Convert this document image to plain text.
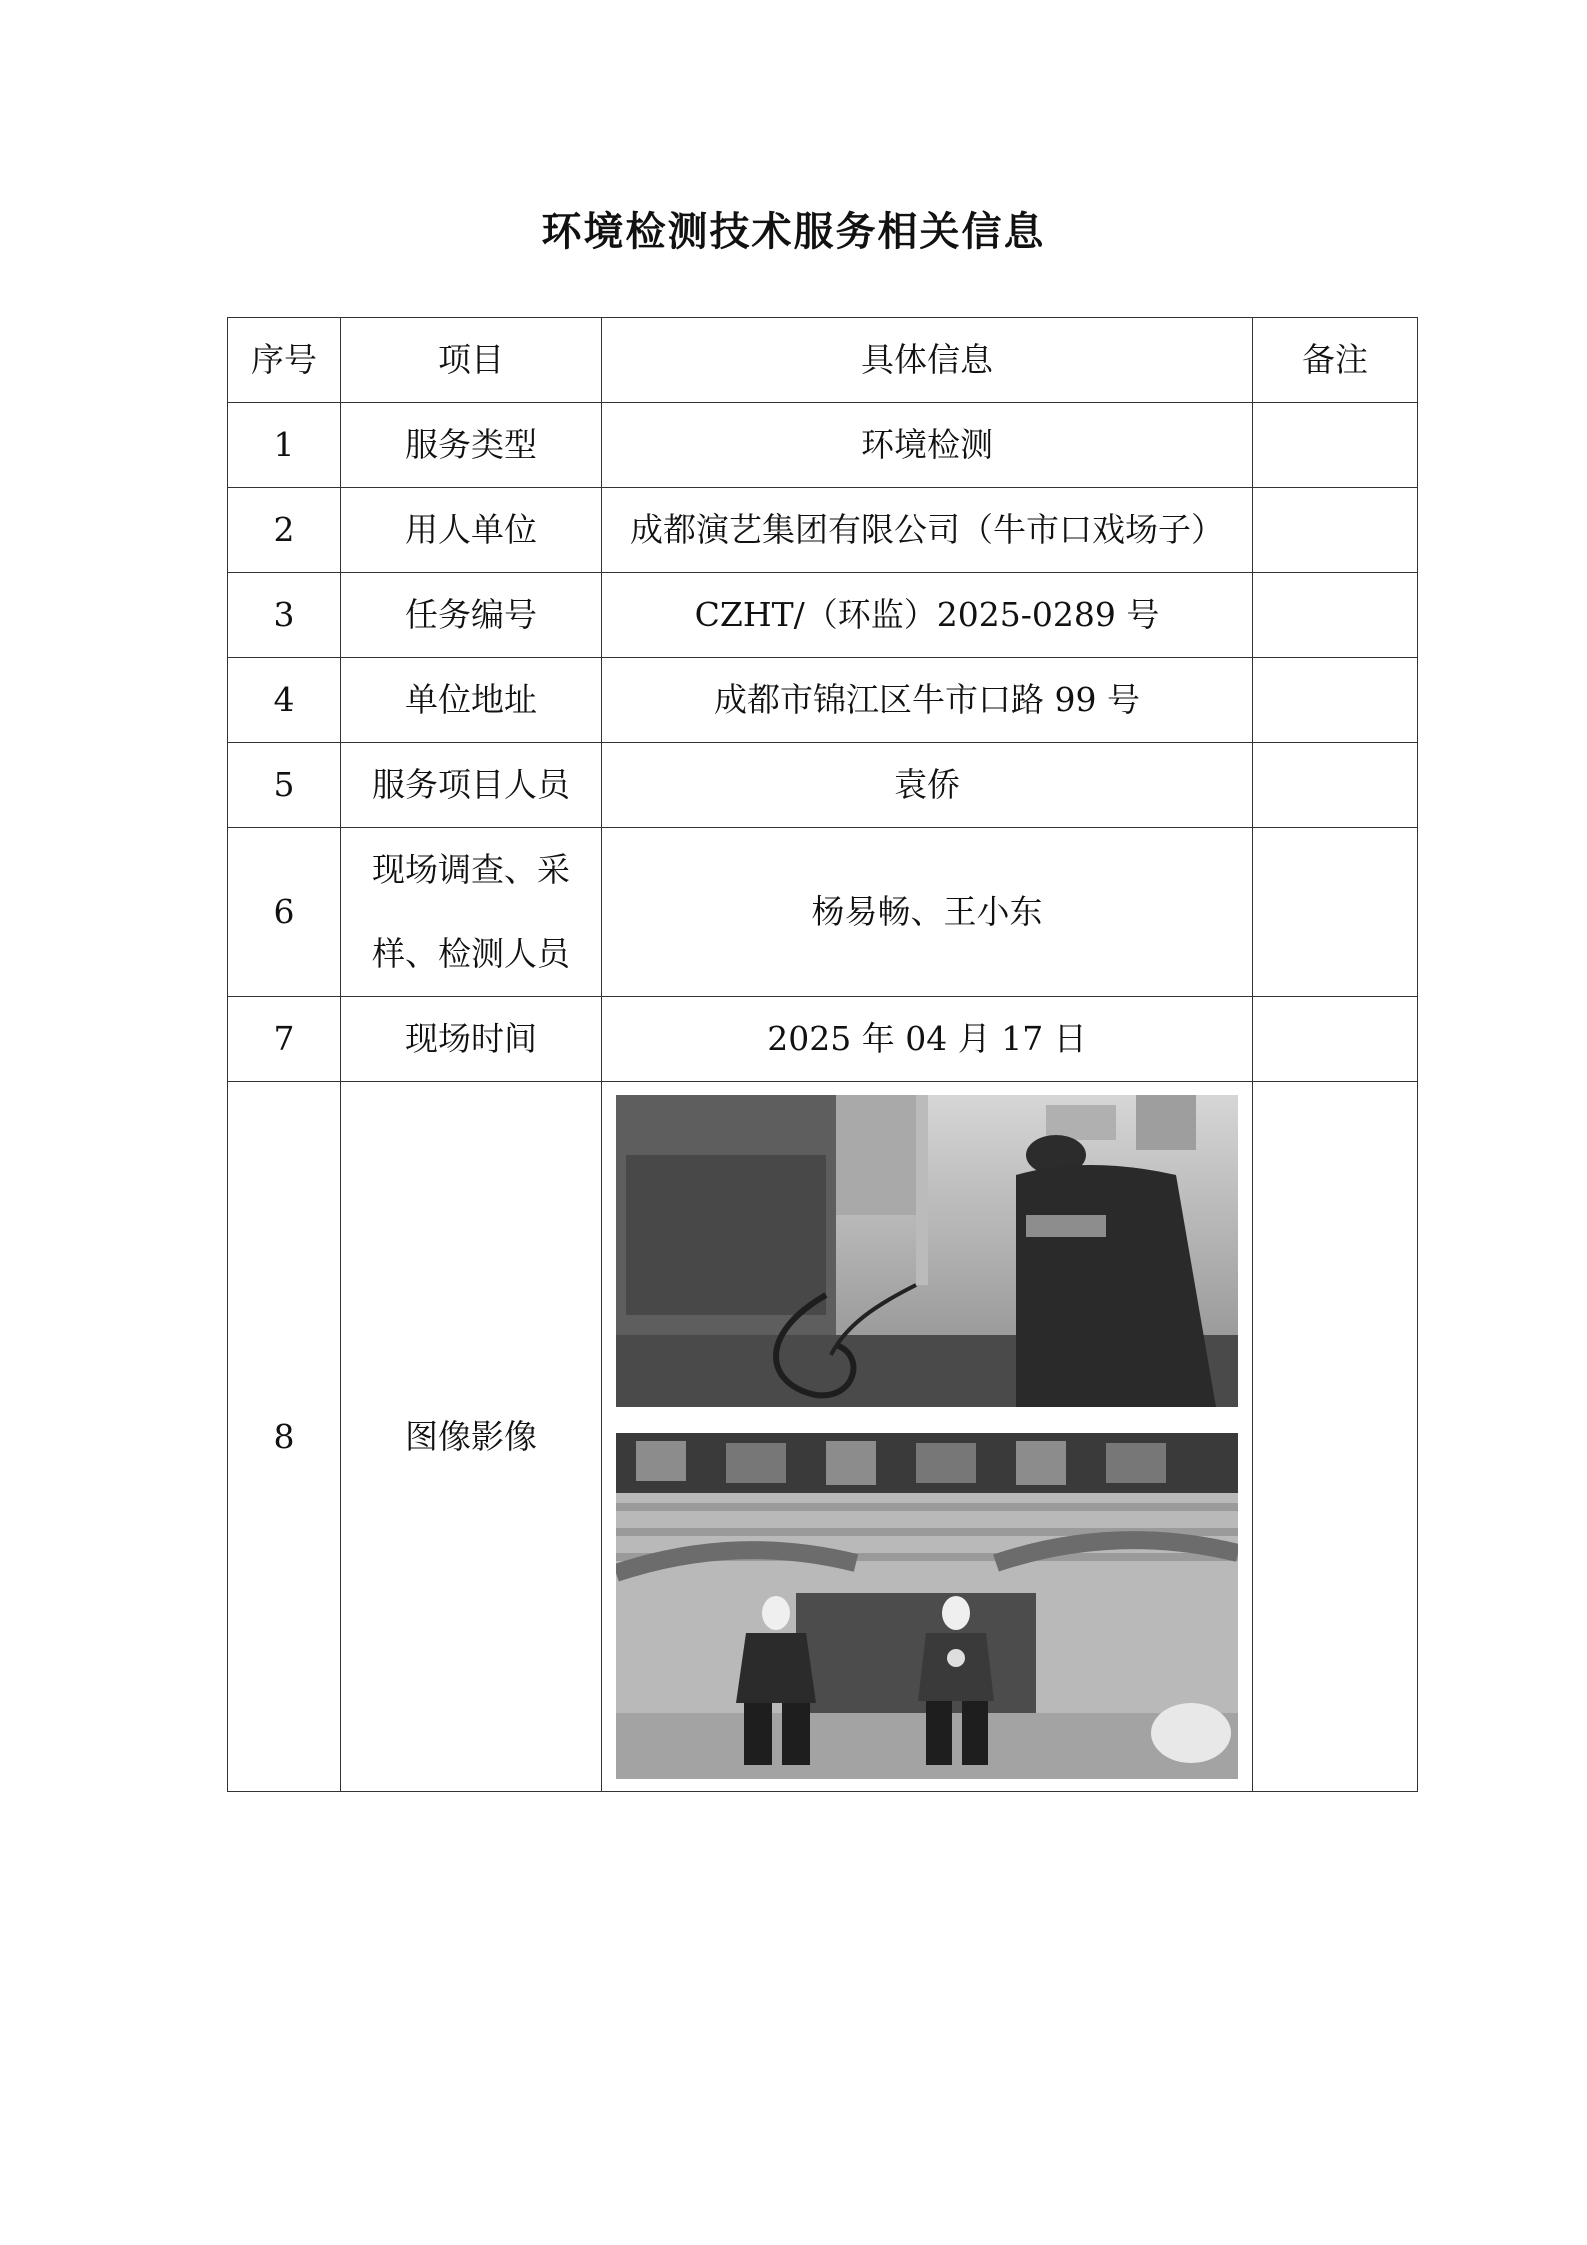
环境检测技术服务相关信息
序号	项目	具体信息	备注
1	服务类型	环境检测	
2	用人单位	成都演艺集团有限公司（牛市口戏场子）	
3	任务编号	CZHT/（环监）2025-0289 号	
4	单位地址	成都市锦江区牛市口路 99 号	
5	服务项目人员	袁侨	
6	现场调查、采样、检测人员	杨易畅、王小东	
7	现场时间	2025 年 04 月 17 日	
8	图像影像	
